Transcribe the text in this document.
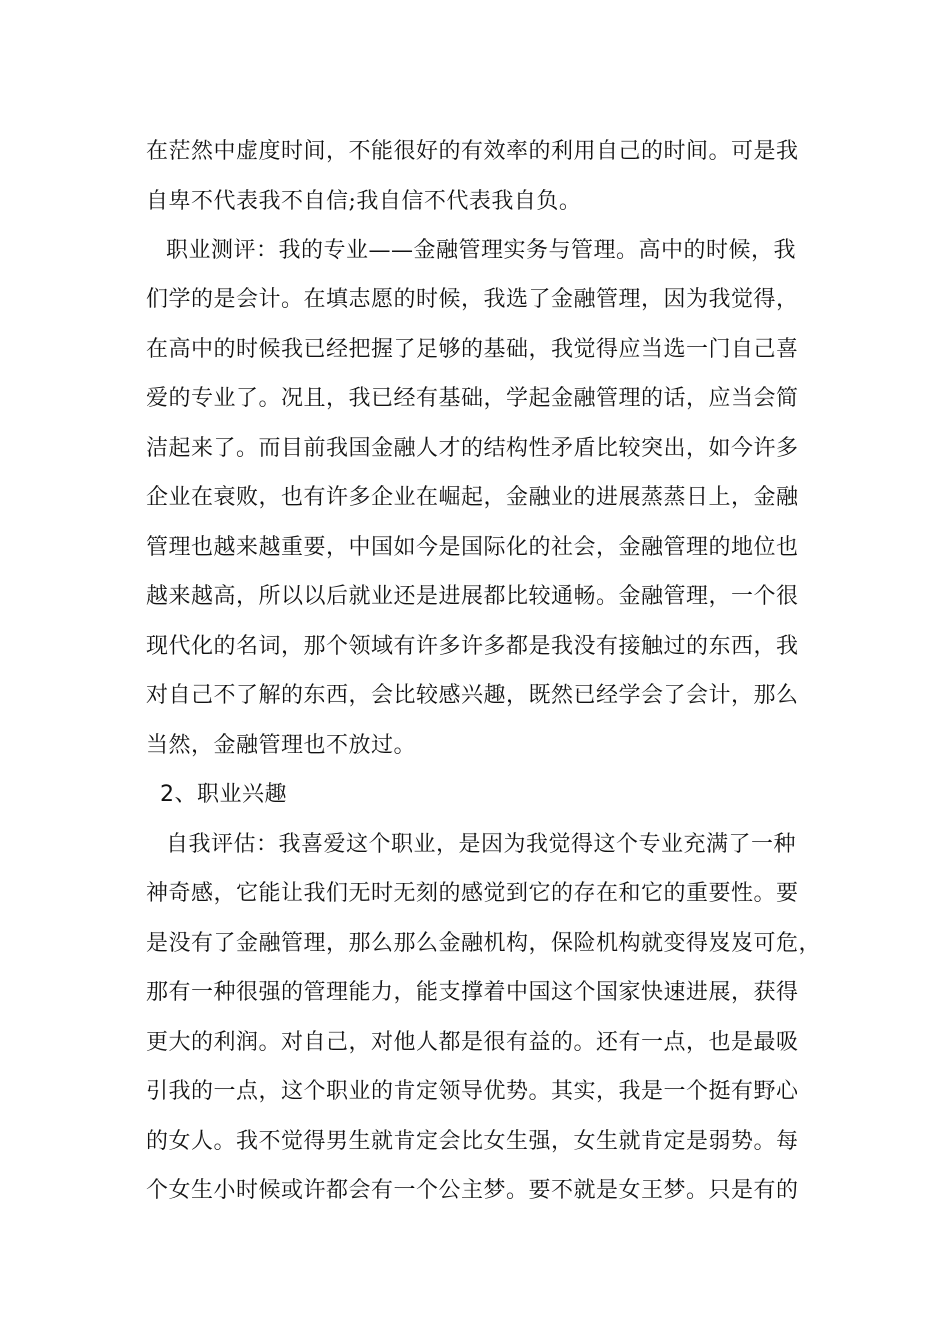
在茫然中虚度时间，不能很好的有效率的利用自己的时间。可是我
自卑不代表我不自信;我自信不代表我自负。
职业测评：我的专业——金融管理实务与管理。高中的时候，我
们学的是会计。在填志愿的时候，我选了金融管理，因为我觉得，
在高中的时候我已经把握了足够的基础，我觉得应当选一门自己喜
爱的专业了。况且，我已经有基础，学起金融管理的话，应当会简
洁起来了。而目前我国金融人才的结构性矛盾比较突出，如今许多
企业在衰败，也有许多企业在崛起，金融业的进展蒸蒸日上，金融
管理也越来越重要，中国如今是国际化的社会，金融管理的地位也
越来越高，所以以后就业还是进展都比较通畅。金融管理，一个很
现代化的名词，那个领域有许多许多都是我没有接触过的东西，我
对自己不了解的东西，会比较感兴趣，既然已经学会了会计，那么
当然，金融管理也不放过。
2、职业兴趣
自我评估：我喜爱这个职业，是因为我觉得这个专业充满了一种
神奇感，它能让我们无时无刻的感觉到它的存在和它的重要性。要
是没有了金融管理，那么那么金融机构，保险机构就变得岌岌可危，
那有一种很强的管理能力，能支撑着中国这个国家快速进展，获得
更大的利润。对自己，对他人都是很有益的。还有一点，也是最吸
引我的一点，这个职业的肯定领导优势。其实，我是一个挺有野心
的女人。我不觉得男生就肯定会比女生强，女生就肯定是弱势。每
个女生小时候或许都会有一个公主梦。要不就是女王梦。只是有的
